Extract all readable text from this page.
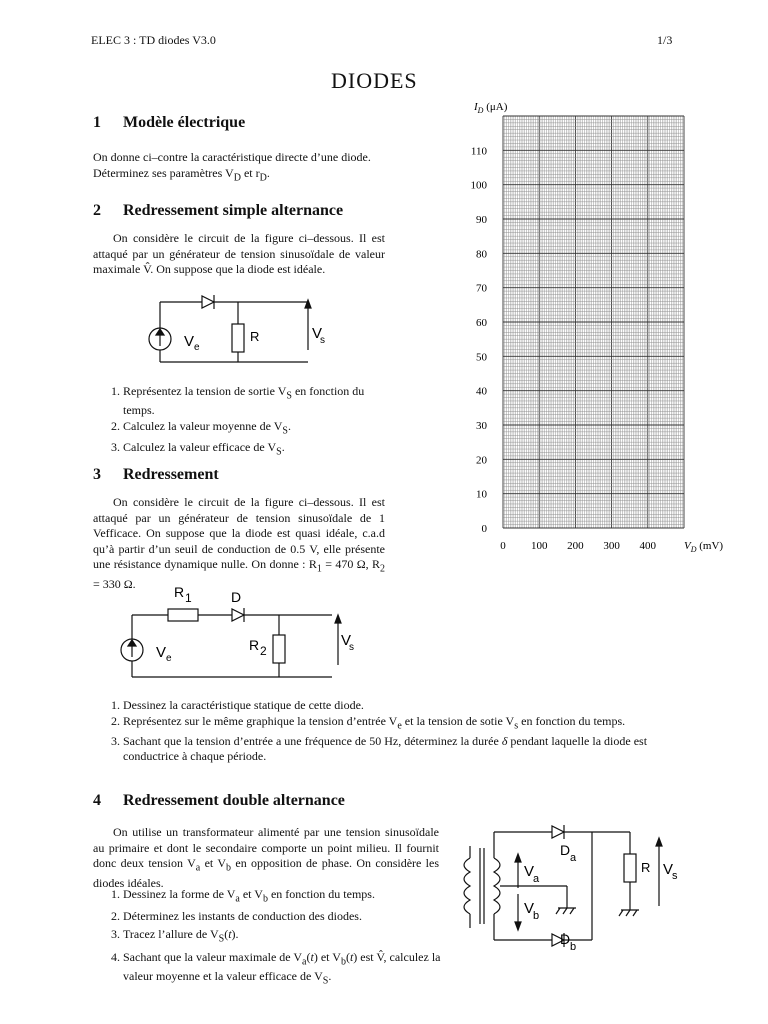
ELEC 3 : TD diodes V3.0	1/3
DIODES
1 Modèle électrique
On donne ci–contre la caractéristique directe d’une diode.
Déterminez ses paramètres $V_D$ et $r_D$.
2 Redressement simple alternance
On considère le circuit de la figure ci–dessous. Il est attaqué par un générateur de tension sinusoïdale de valeur maximale V̂. On suppose que la diode est idéale.
V e
R	V
s
1. Représentez la tension de sortie $V_S$ en fonction du temps.
2. Calculez la valeur moyenne de $V_S$.
3. Calculez la valeur efficace de $V_S$.
3 Redressement
On considère le circuit de la figure ci–dessous. Il est attaqué par un générateur de tension sinusoïdale de 1 Vefficace. On suppose que la diode est quasi idéale, c.a.d qu’à partir d’un seuil de conduction de 0.5 V, elle présente une résistance dynamique nulle. On donne : $R_1 = 470$ Ω, $R_2 = 330$ Ω.
R 1	D
R 2
V e
V
s
1. Dessinez la caractéristique statique de cette diode.
2. Représentez sur le même graphique la tension d’entrée $V_e$ et la tension de sotie $V_s$ en fonction du temps.
3. Sachant que la tension d’entrée a une fréquence de 50 Hz, déterminez la durée δ pendant laquelle la diode est conductrice à chaque période.
4 Redressement double alternance
On utilise un transformateur alimenté par une tension sinusoïdale au primaire et dont le secondaire comporte un point milieu. Il fournit donc deux tension $V_a$ et $V_b$ en opposition de phase. On considère les diodes idéales.
1. Dessinez la forme de $V_a$ et $V_b$ en fonction du temps.
2. Déterminez les instants de conduction des diodes.
3. Tracez l’allure de $V_S(t)$.
4. Sachant que la valeur maximale de $V_a(t)$ et $V_b(t)$ est V̂, calculez la valeur moyenne et la valeur efficace de $V_S$.
D a
D b
V
a
V
b
R V
s
0
10
20
30
40
50
60
70
80
90
100
110
0 100 200 300 400
$I_D$ (μA)
$V_D$ (mV)
